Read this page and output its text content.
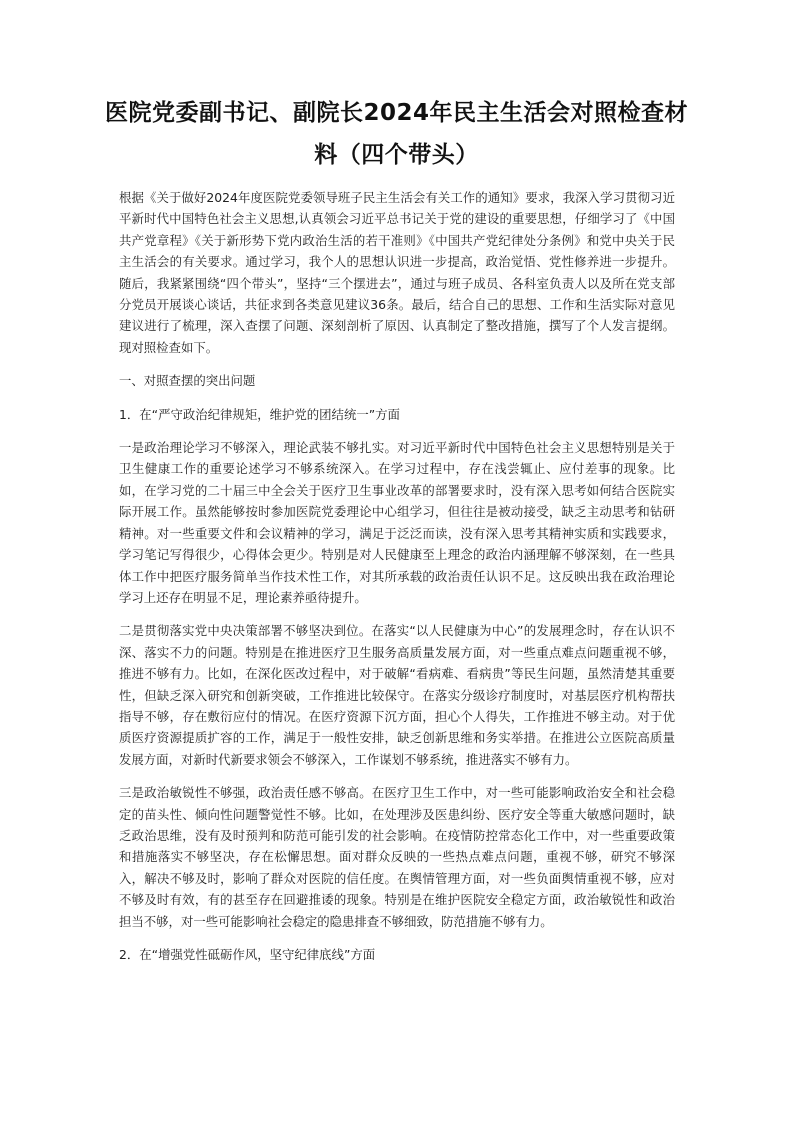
医院党委副书记、副院长2024年民主生活会对照检查材料（四个带头）

根据《关于做好2024年度医院党委领导班子民主生活会有关工作的通知》要求，我深入学习贯彻习近平新时代中国特色社会主义思想,认真领会习近平总书记关于党的建设的重要思想，仔细学习了《中国共产党章程》《关于新形势下党内政治生活的若干准则》《中国共产党纪律处分条例》和党中央关于民主生活会的有关要求。通过学习，我个人的思想认识进一步提高，政治觉悟、党性修养进一步提升。随后，我紧紧围绕“四个带头”，坚持“三个摆进去”，通过与班子成员、各科室负责人以及所在党支部分党员开展谈心谈话，共征求到各类意见建议36条。最后，结合自己的思想、工作和生活实际对意见建议进行了梳理，深入查摆了问题、深刻剖析了原因、认真制定了整改措施，撰写了个人发言提纲。现对照检查如下。

一、对照查摆的突出问题

1．在“严守政治纪律规矩，维护党的团结统一”方面

一是政治理论学习不够深入，理论武装不够扎实。对习近平新时代中国特色社会主义思想特别是关于卫生健康工作的重要论述学习不够系统深入。在学习过程中，存在浅尝辄止、应付差事的现象。比如，在学习党的二十届三中全会关于医疗卫生事业改革的部署要求时，没有深入思考如何结合医院实际开展工作。虽然能够按时参加医院党委理论中心组学习，但往往是被动接受，缺乏主动思考和钻研精神。对一些重要文件和会议精神的学习，满足于泛泛而读，没有深入思考其精神实质和实践要求，学习笔记写得很少，心得体会更少。特别是对人民健康至上理念的政治内涵理解不够深刻，在一些具体工作中把医疗服务简单当作技术性工作，对其所承载的政治责任认识不足。这反映出我在政治理论学习上还存在明显不足，理论素养亟待提升。

二是贯彻落实党中央决策部署不够坚决到位。在落实“以人民健康为中心”的发展理念时，存在认识不深、落实不力的问题。特别是在推进医疗卫生服务高质量发展方面，对一些重点难点问题重视不够，推进不够有力。比如，在深化医改过程中，对于破解“看病难、看病贵”等民生问题，虽然清楚其重要性，但缺乏深入研究和创新突破，工作推进比较保守。在落实分级诊疗制度时，对基层医疗机构帮扶指导不够，存在敷衍应付的情况。在医疗资源下沉方面，担心个人得失，工作推进不够主动。对于优质医疗资源提质扩容的工作，满足于一般性安排，缺乏创新思维和务实举措。在推进公立医院高质量发展方面，对新时代新要求领会不够深入，工作谋划不够系统，推进落实不够有力。

三是政治敏锐性不够强，政治责任感不够高。在医疗卫生工作中，对一些可能影响政治安全和社会稳定的苗头性、倾向性问题警觉性不够。比如，在处理涉及医患纠纷、医疗安全等重大敏感问题时，缺乏政治思维，没有及时预判和防范可能引发的社会影响。在疫情防控常态化工作中，对一些重要政策和措施落实不够坚决，存在松懈思想。面对群众反映的一些热点难点问题，重视不够，研究不够深入，解决不够及时，影响了群众对医院的信任度。在舆情管理方面，对一些负面舆情重视不够，应对不够及时有效，有的甚至存在回避推诿的现象。特别是在维护医院安全稳定方面，政治敏锐性和政治担当不够，对一些可能影响社会稳定的隐患排查不够细致，防范措施不够有力。

2．在“增强党性砥砺作风，坚守纪律底线”方面
